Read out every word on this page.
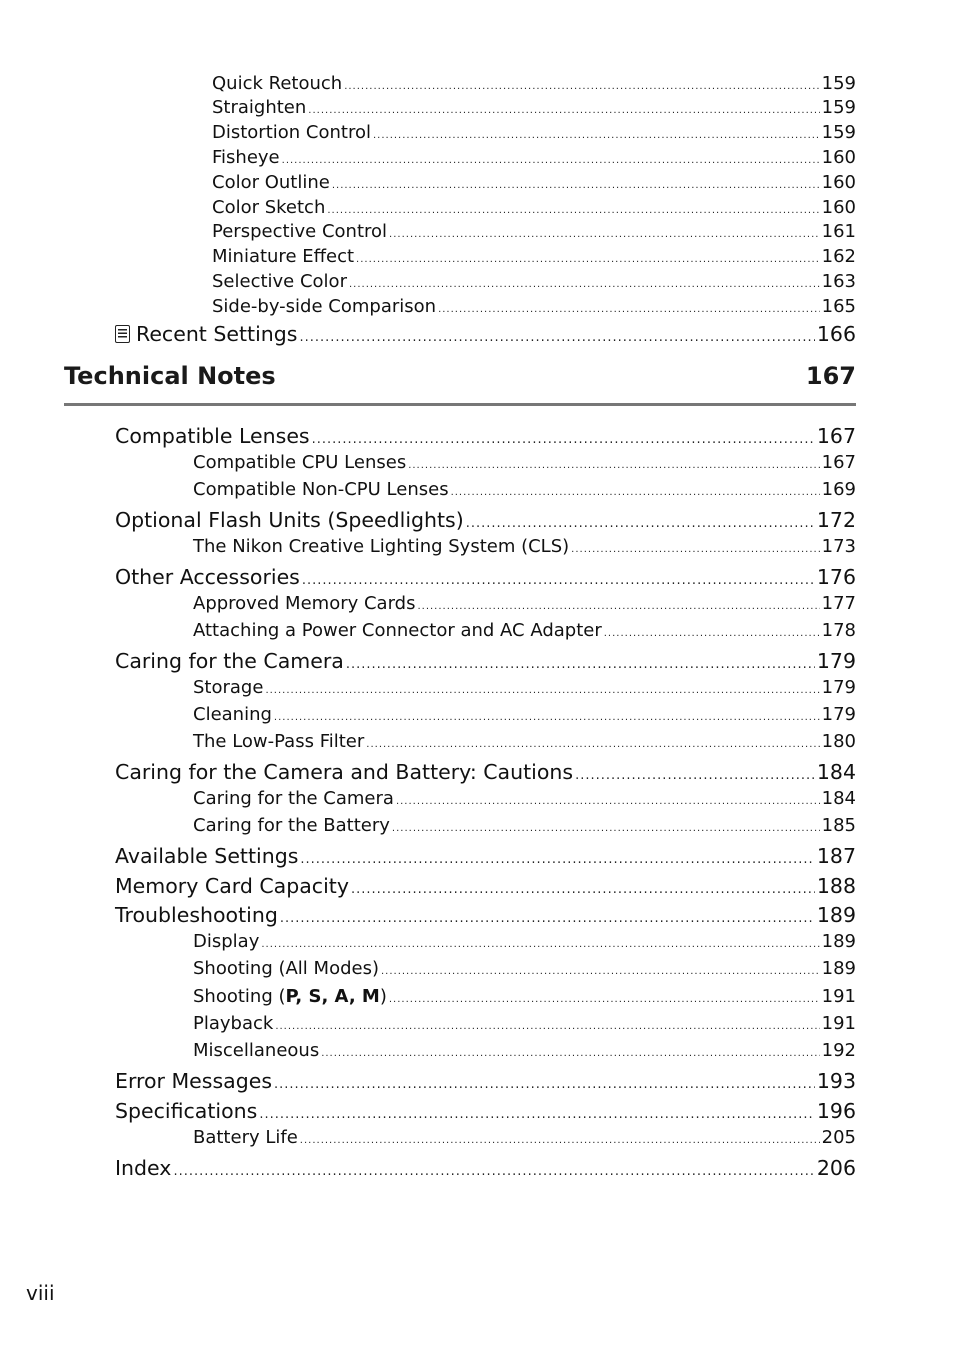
Quick Retouch .....	159
Straighten .....	159
Distortion Control .....	159
Fisheye .....	160
Color Outline .....	160
Color Sketch .....	160
Perspective Control .....	161
Miniature Effect .....	162
Selective Color .....	163
Side-by-side Comparison .....	165
Recent Settings .....	166
Technical Notes	167
Compatible Lenses .....	167
Compatible CPU Lenses .....	167
Compatible Non-CPU Lenses .....	169
Optional Flash Units (Speedlights) .....	172
The Nikon Creative Lighting System (CLS) .....	173
Other Accessories .....	176
Approved Memory Cards .....	177
Attaching a Power Connector and AC Adapter .....	178
Caring for the Camera .....	179
Storage .....	179
Cleaning .....	179
The Low-Pass Filter .....	180
Caring for the Camera and Battery: Cautions .....	184
Caring for the Camera .....	184
Caring for the Battery .....	185
Available Settings .....	187
Memory Card Capacity .....	188
Troubleshooting .....	189
Display .....	189
Shooting (All Modes) .....	189
Shooting (P, S, A, M) .....	191
Playback .....	191
Miscellaneous .....	192
Error Messages .....	193
Specifications .....	196
Battery Life .....	205
Index .....	206
viii
